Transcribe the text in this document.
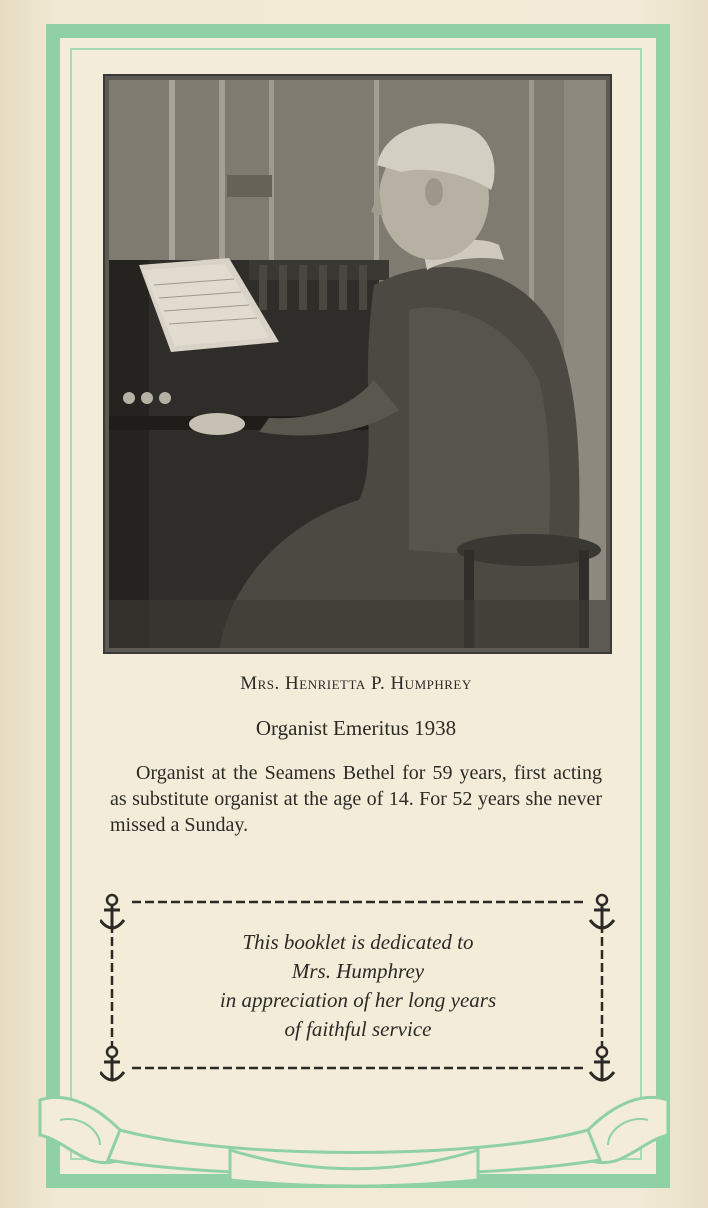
Mrs. Henrietta P. Humphrey
Organist Emeritus 1938
Organist at the Seamens Bethel for 59 years, first acting as substitute organist at the age of 14. For 52 years she never missed a Sunday.
This booklet is dedicated to
Mrs. Humphrey
in appreciation of her long years
of faithful service
